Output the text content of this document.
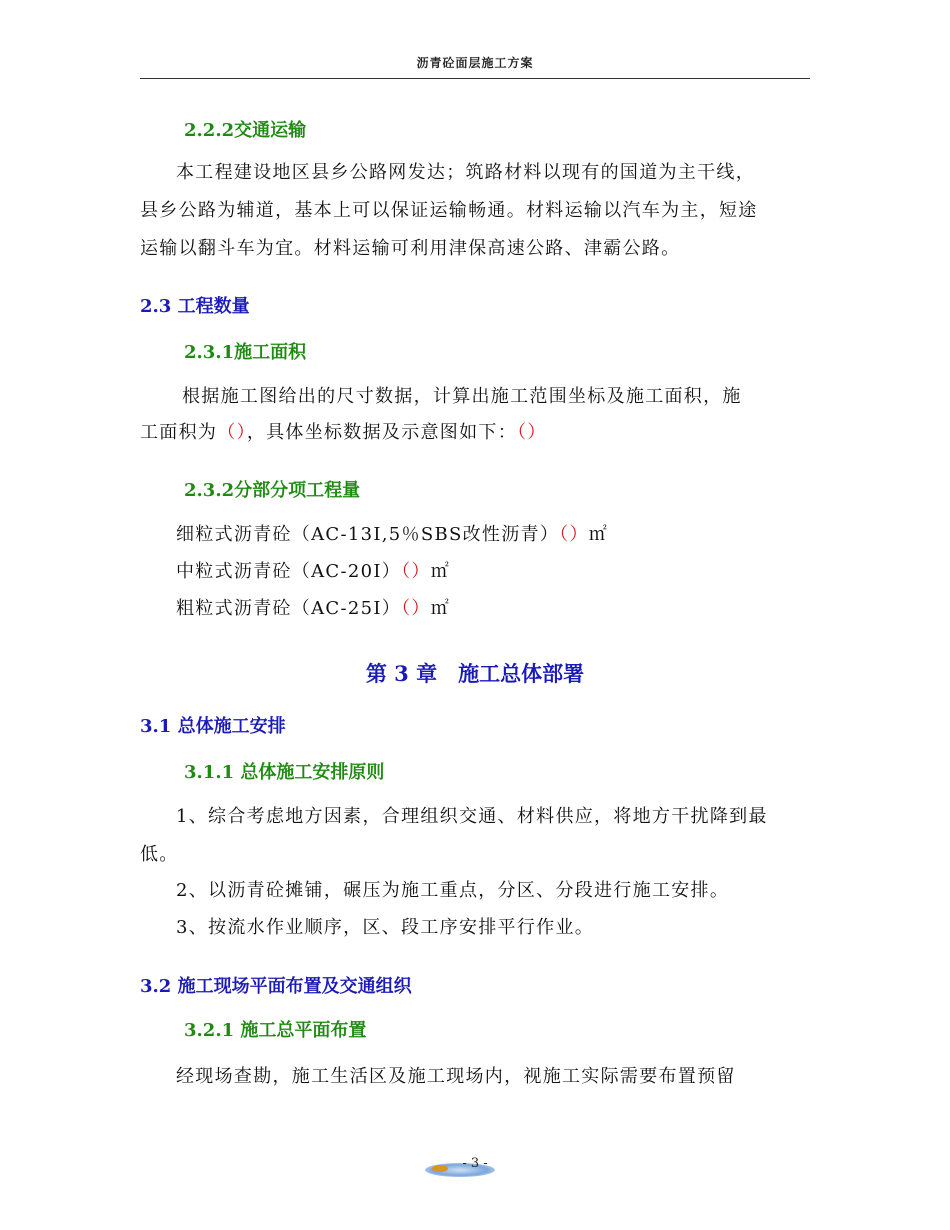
沥青砼面层施工方案
2.2.2交通运输
本工程建设地区县乡公路网发达；筑路材料以现有的国道为主干线，
县乡公路为辅道，基本上可以保证运输畅通。材料运输以汽车为主，短途
运输以翻斗车为宜。材料运输可利用津保高速公路、津霸公路。
2.3 工程数量
2.3.1施工面积
根据施工图给出的尺寸数据，计算出施工范围坐标及施工面积，施
工面积为（），具体坐标数据及示意图如下：（）
2.3.2分部分项工程量
细粒式沥青砼（AC-13I,5％SBS改性沥青）（）㎡
中粒式沥青砼（AC-20I）（）㎡
粗粒式沥青砼（AC-25I）（）㎡
第 3 章　施工总体部署
3.1 总体施工安排
3.1.1 总体施工安排原则
1、综合考虑地方因素，合理组织交通、材料供应，将地方干扰降到最
低。
2、以沥青砼摊铺，碾压为施工重点，分区、分段进行施工安排。
3、按流水作业顺序，区、段工序安排平行作业。
3.2 施工现场平面布置及交通组织
3.2.1 施工总平面布置
经现场查勘，施工生活区及施工现场内，视施工实际需要布置预留
- 3 -
